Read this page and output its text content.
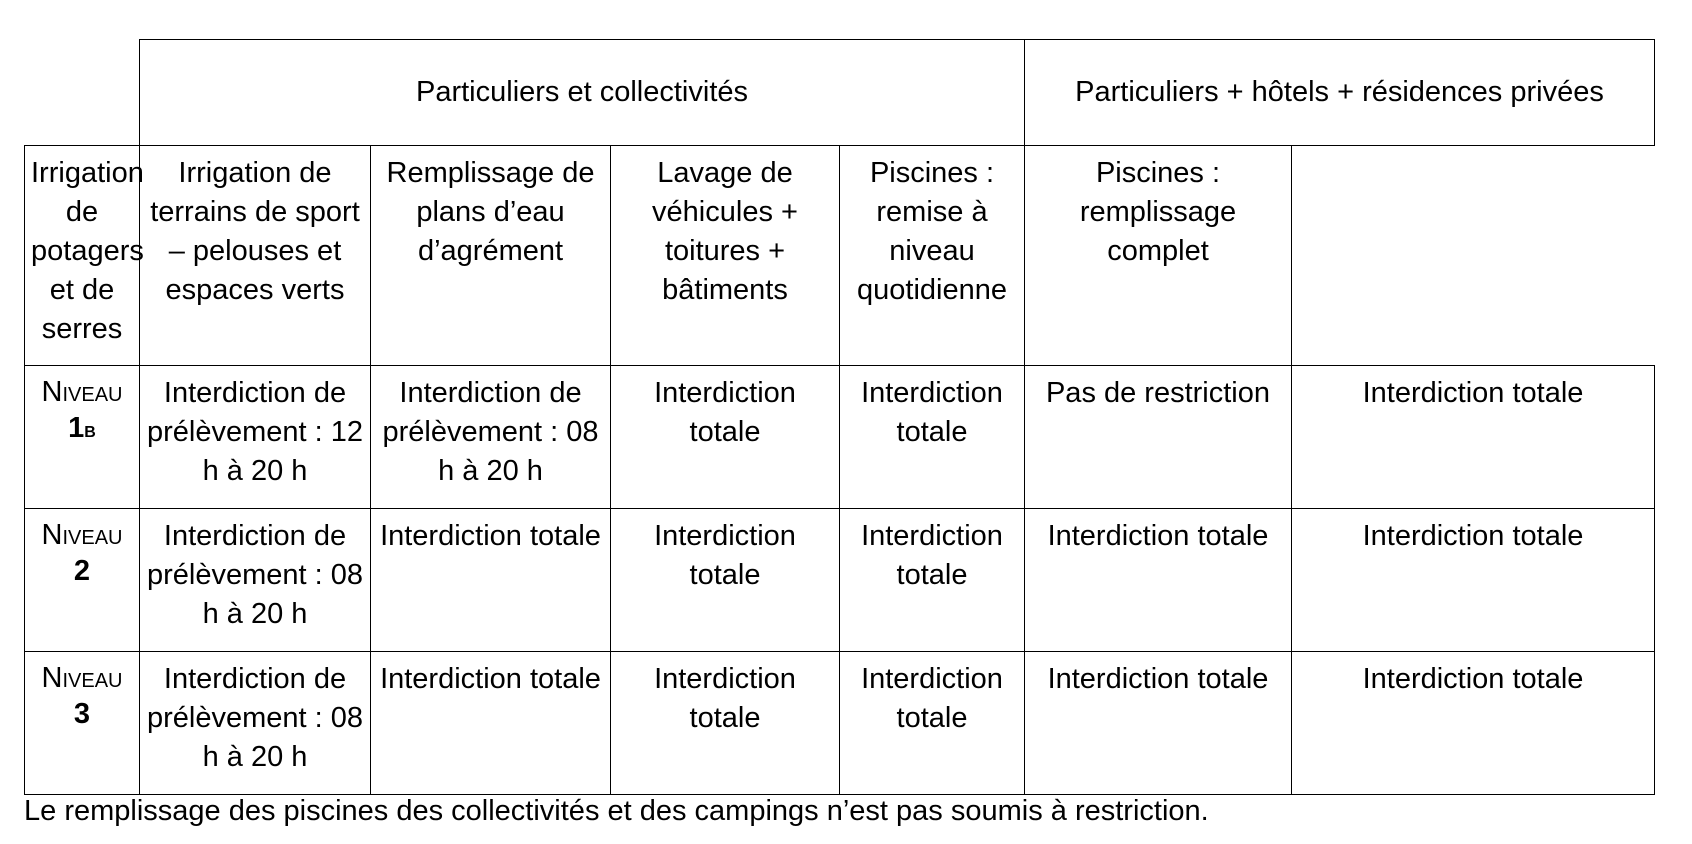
	Particuliers et collectivités				Particuliers + hôtels + résidences privées	
Irrigation de potagers et de serres	Irrigation de terrains de sport – pelouses et espaces verts	Remplissage de plans d’eau d’agrément	Lavage de véhicules + toitures + bâtiments	Piscines : remise à niveau quotidienne	Piscines : remplissage complet	

Niveau
1b	Interdiction de prélèvement : 12 h à 20 h	Interdiction de prélèvement : 08 h à 20 h	Interdiction totale	Interdiction totale	Pas de restriction	Interdiction totale

Niveau
2	Interdiction de prélèvement : 08 h à 20 h	Interdiction totale	Interdiction totale	Interdiction totale	Interdiction totale	Interdiction totale

Niveau
3	Interdiction de prélèvement : 08 h à 20 h	Interdiction totale	Interdiction totale	Interdiction totale	Interdiction totale	Interdiction totale

Le remplissage des piscines des collectivités et des campings n’est pas soumis à restriction.
